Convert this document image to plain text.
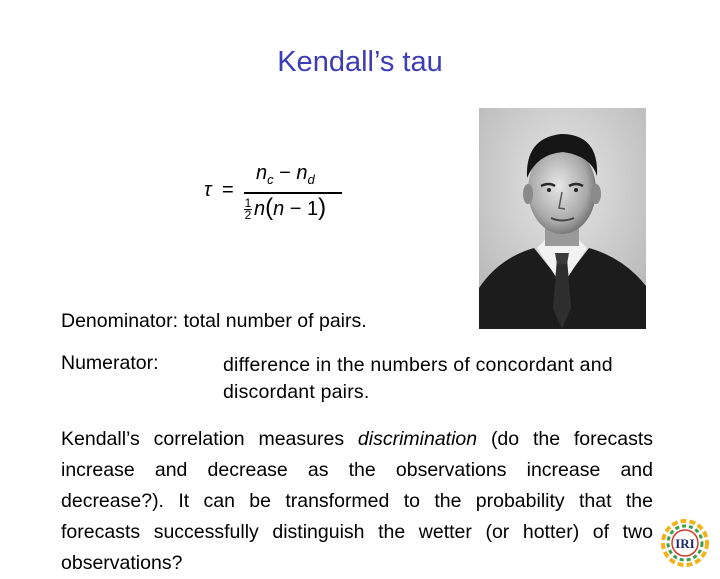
Kendall’s tau
τ =
$n_c - n_d$
$\frac{1}{2} n(n - 1)$
Denominator: total number of pairs.
Numerator:	difference in the numbers of concordant and discordant pairs.
Kendall’s correlation measures discrimination (do the forecasts increase and decrease as the observations increase and decrease?). It can be transformed to the probability that the forecasts successfully distinguish the wetter (or hotter) of two observations?
IRI
